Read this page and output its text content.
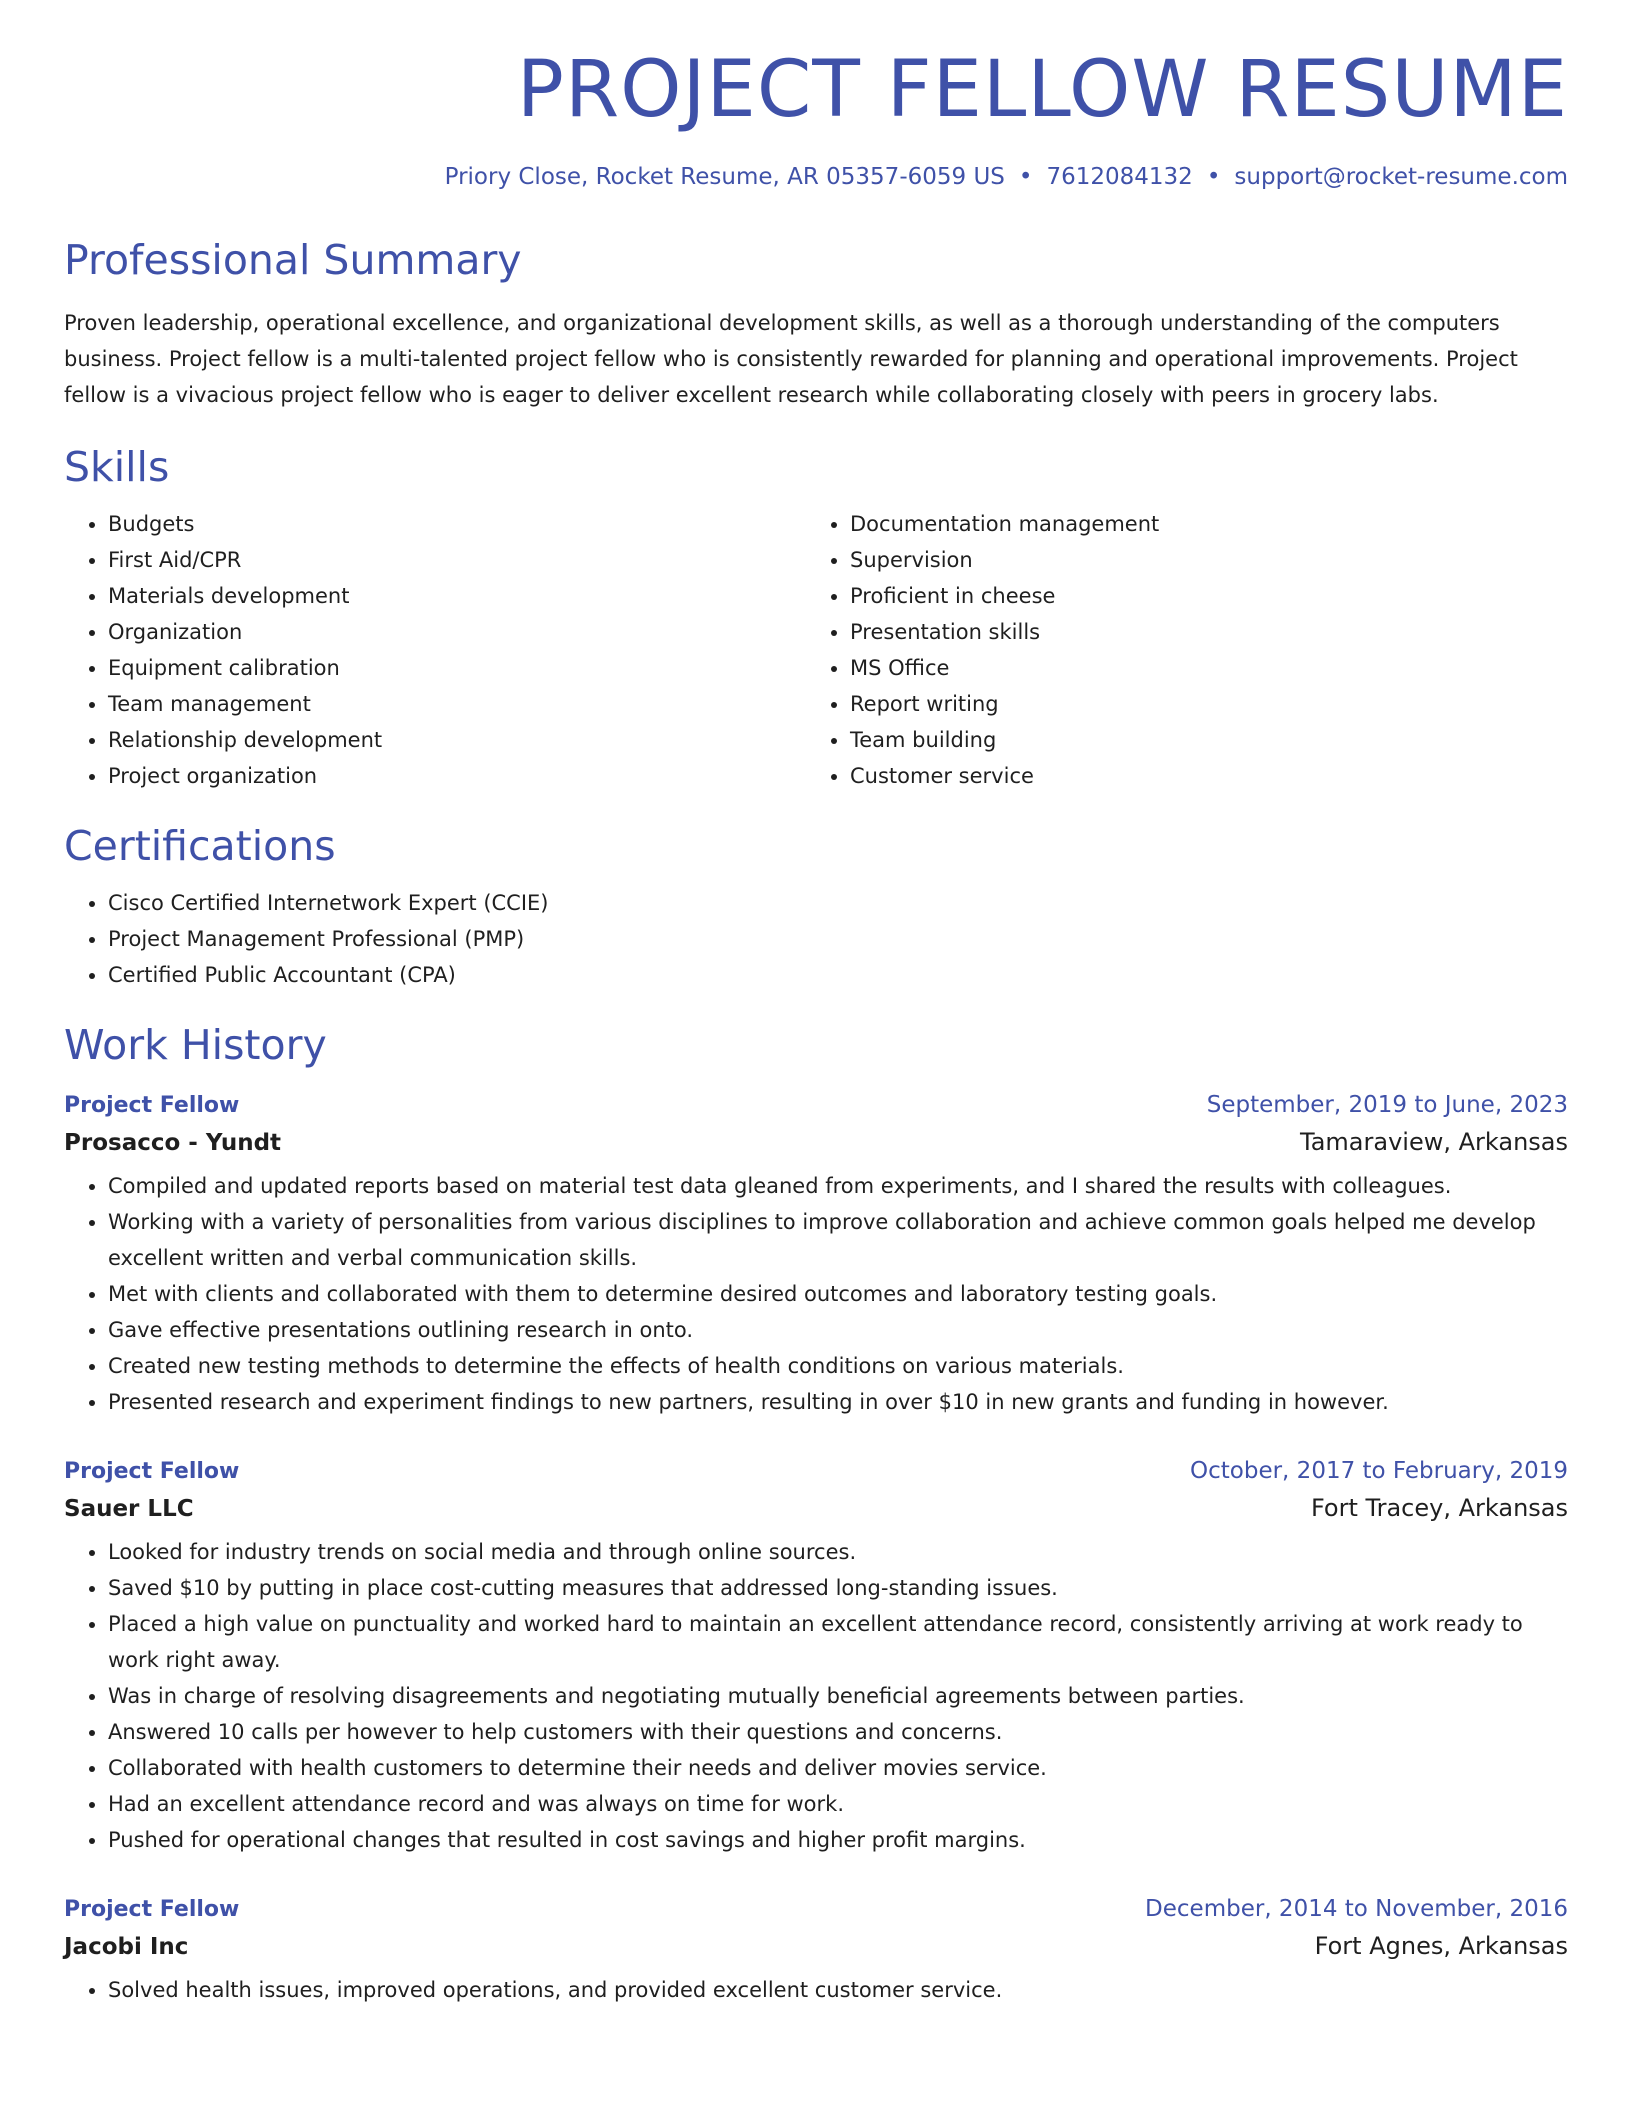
PROJECT FELLOW RESUME
Priory Close, Rocket Resume, AR 05357-6059 US • 7612084132 • support@rocket-resume.com
Professional Summary
Proven leadership, operational excellence, and organizational development skills, as well as a thorough understanding of the computers business. Project fellow is a multi-talented project fellow who is consistently rewarded for planning and operational improvements. Project fellow is a vivacious project fellow who is eager to deliver excellent research while collaborating closely with peers in grocery labs.
Skills
• Budgets
• First Aid/CPR
• Materials development
• Organization
• Equipment calibration
• Team management
• Relationship development
• Project organization
• Documentation management
• Supervision
• Proficient in cheese
• Presentation skills
• MS Office
• Report writing
• Team building
• Customer service
Certifications
• Cisco Certified Internetwork Expert (CCIE)
• Project Management Professional (PMP)
• Certified Public Accountant (CPA)
Work History
Project Fellow	September, 2019 to June, 2023
Prosacco - Yundt	Tamaraview, Arkansas
• Compiled and updated reports based on material test data gleaned from experiments, and I shared the results with colleagues.
• Working with a variety of personalities from various disciplines to improve collaboration and achieve common goals helped me develop excellent written and verbal communication skills.
• Met with clients and collaborated with them to determine desired outcomes and laboratory testing goals.
• Gave effective presentations outlining research in onto.
• Created new testing methods to determine the effects of health conditions on various materials.
• Presented research and experiment findings to new partners, resulting in over $10 in new grants and funding in however.
Project Fellow	October, 2017 to February, 2019
Sauer LLC	Fort Tracey, Arkansas
• Looked for industry trends on social media and through online sources.
• Saved $10 by putting in place cost-cutting measures that addressed long-standing issues.
• Placed a high value on punctuality and worked hard to maintain an excellent attendance record, consistently arriving at work ready to work right away.
• Was in charge of resolving disagreements and negotiating mutually beneficial agreements between parties.
• Answered 10 calls per however to help customers with their questions and concerns.
• Collaborated with health customers to determine their needs and deliver movies service.
• Had an excellent attendance record and was always on time for work.
• Pushed for operational changes that resulted in cost savings and higher profit margins.
Project Fellow	December, 2014 to November, 2016
Jacobi Inc	Fort Agnes, Arkansas
• Solved health issues, improved operations, and provided excellent customer service.
